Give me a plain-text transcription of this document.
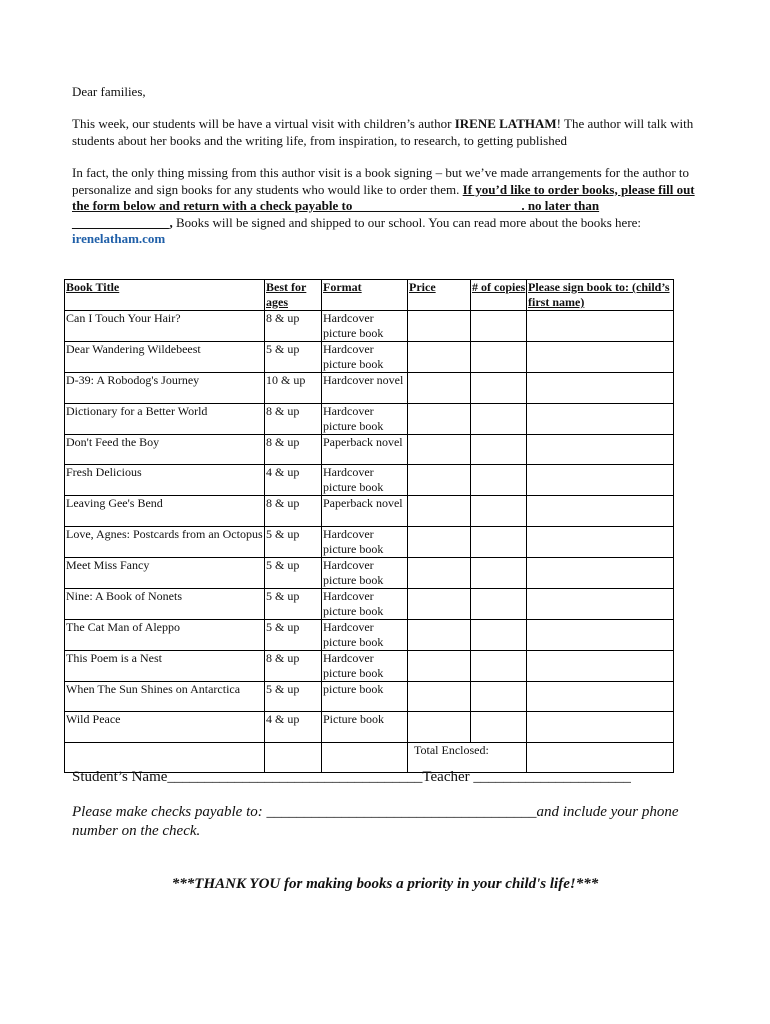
Dear families,
This week, our students will be have a virtual visit with children’s author IRENE LATHAM! The author will talk with students about her books and the writing life, from inspiration, to research, to getting published
In fact, the only thing missing from this author visit is a book signing – but we’ve made arrangements for the author to personalize and sign books for any students who would like to order them. If you’d like to order books, please fill out the form below and return with a check payable to ____________________ _____. no later than _______________, Books will be signed and shipped to our school. You can read more about the books here: irenelatham.com
Book Title	Best for ages	Format	Price	# of copies	Please sign book to: (child’s first name)
Can I Touch Your Hair?	8 & up	Hardcover picture book			
Dear Wandering Wildebeest	5 & up	Hardcover picture book			
D-39: A Robodog's Journey	10 & up	Hardcover novel			
Dictionary for a Better World	8 & up	Hardcover picture book			
Don't Feed the Boy	8 & up	Paperback novel			
Fresh Delicious	4 & up	Hardcover picture book			
Leaving Gee's Bend	8 & up	Paperback novel			
Love, Agnes: Postcards from an Octopus	5 & up	Hardcover picture book			
Meet Miss Fancy	5 & up	Hardcover picture book			
Nine: A Book of Nonets	5 & up	Hardcover picture book			
The Cat Man of Aleppo	5 & up	Hardcover picture book			
This Poem is a Nest	8 & up	Hardcover picture book			
When The Sun Shines on Antarctica	5 & up	picture book			
Wild Peace	4 & up	Picture book			
			Total Enclosed:		
Student’s Name__________________________________Teacher _____________________
Please make checks payable to: ____________________________________and include your phone number on the check.
***THANK YOU for making books a priority in your child's life!***
